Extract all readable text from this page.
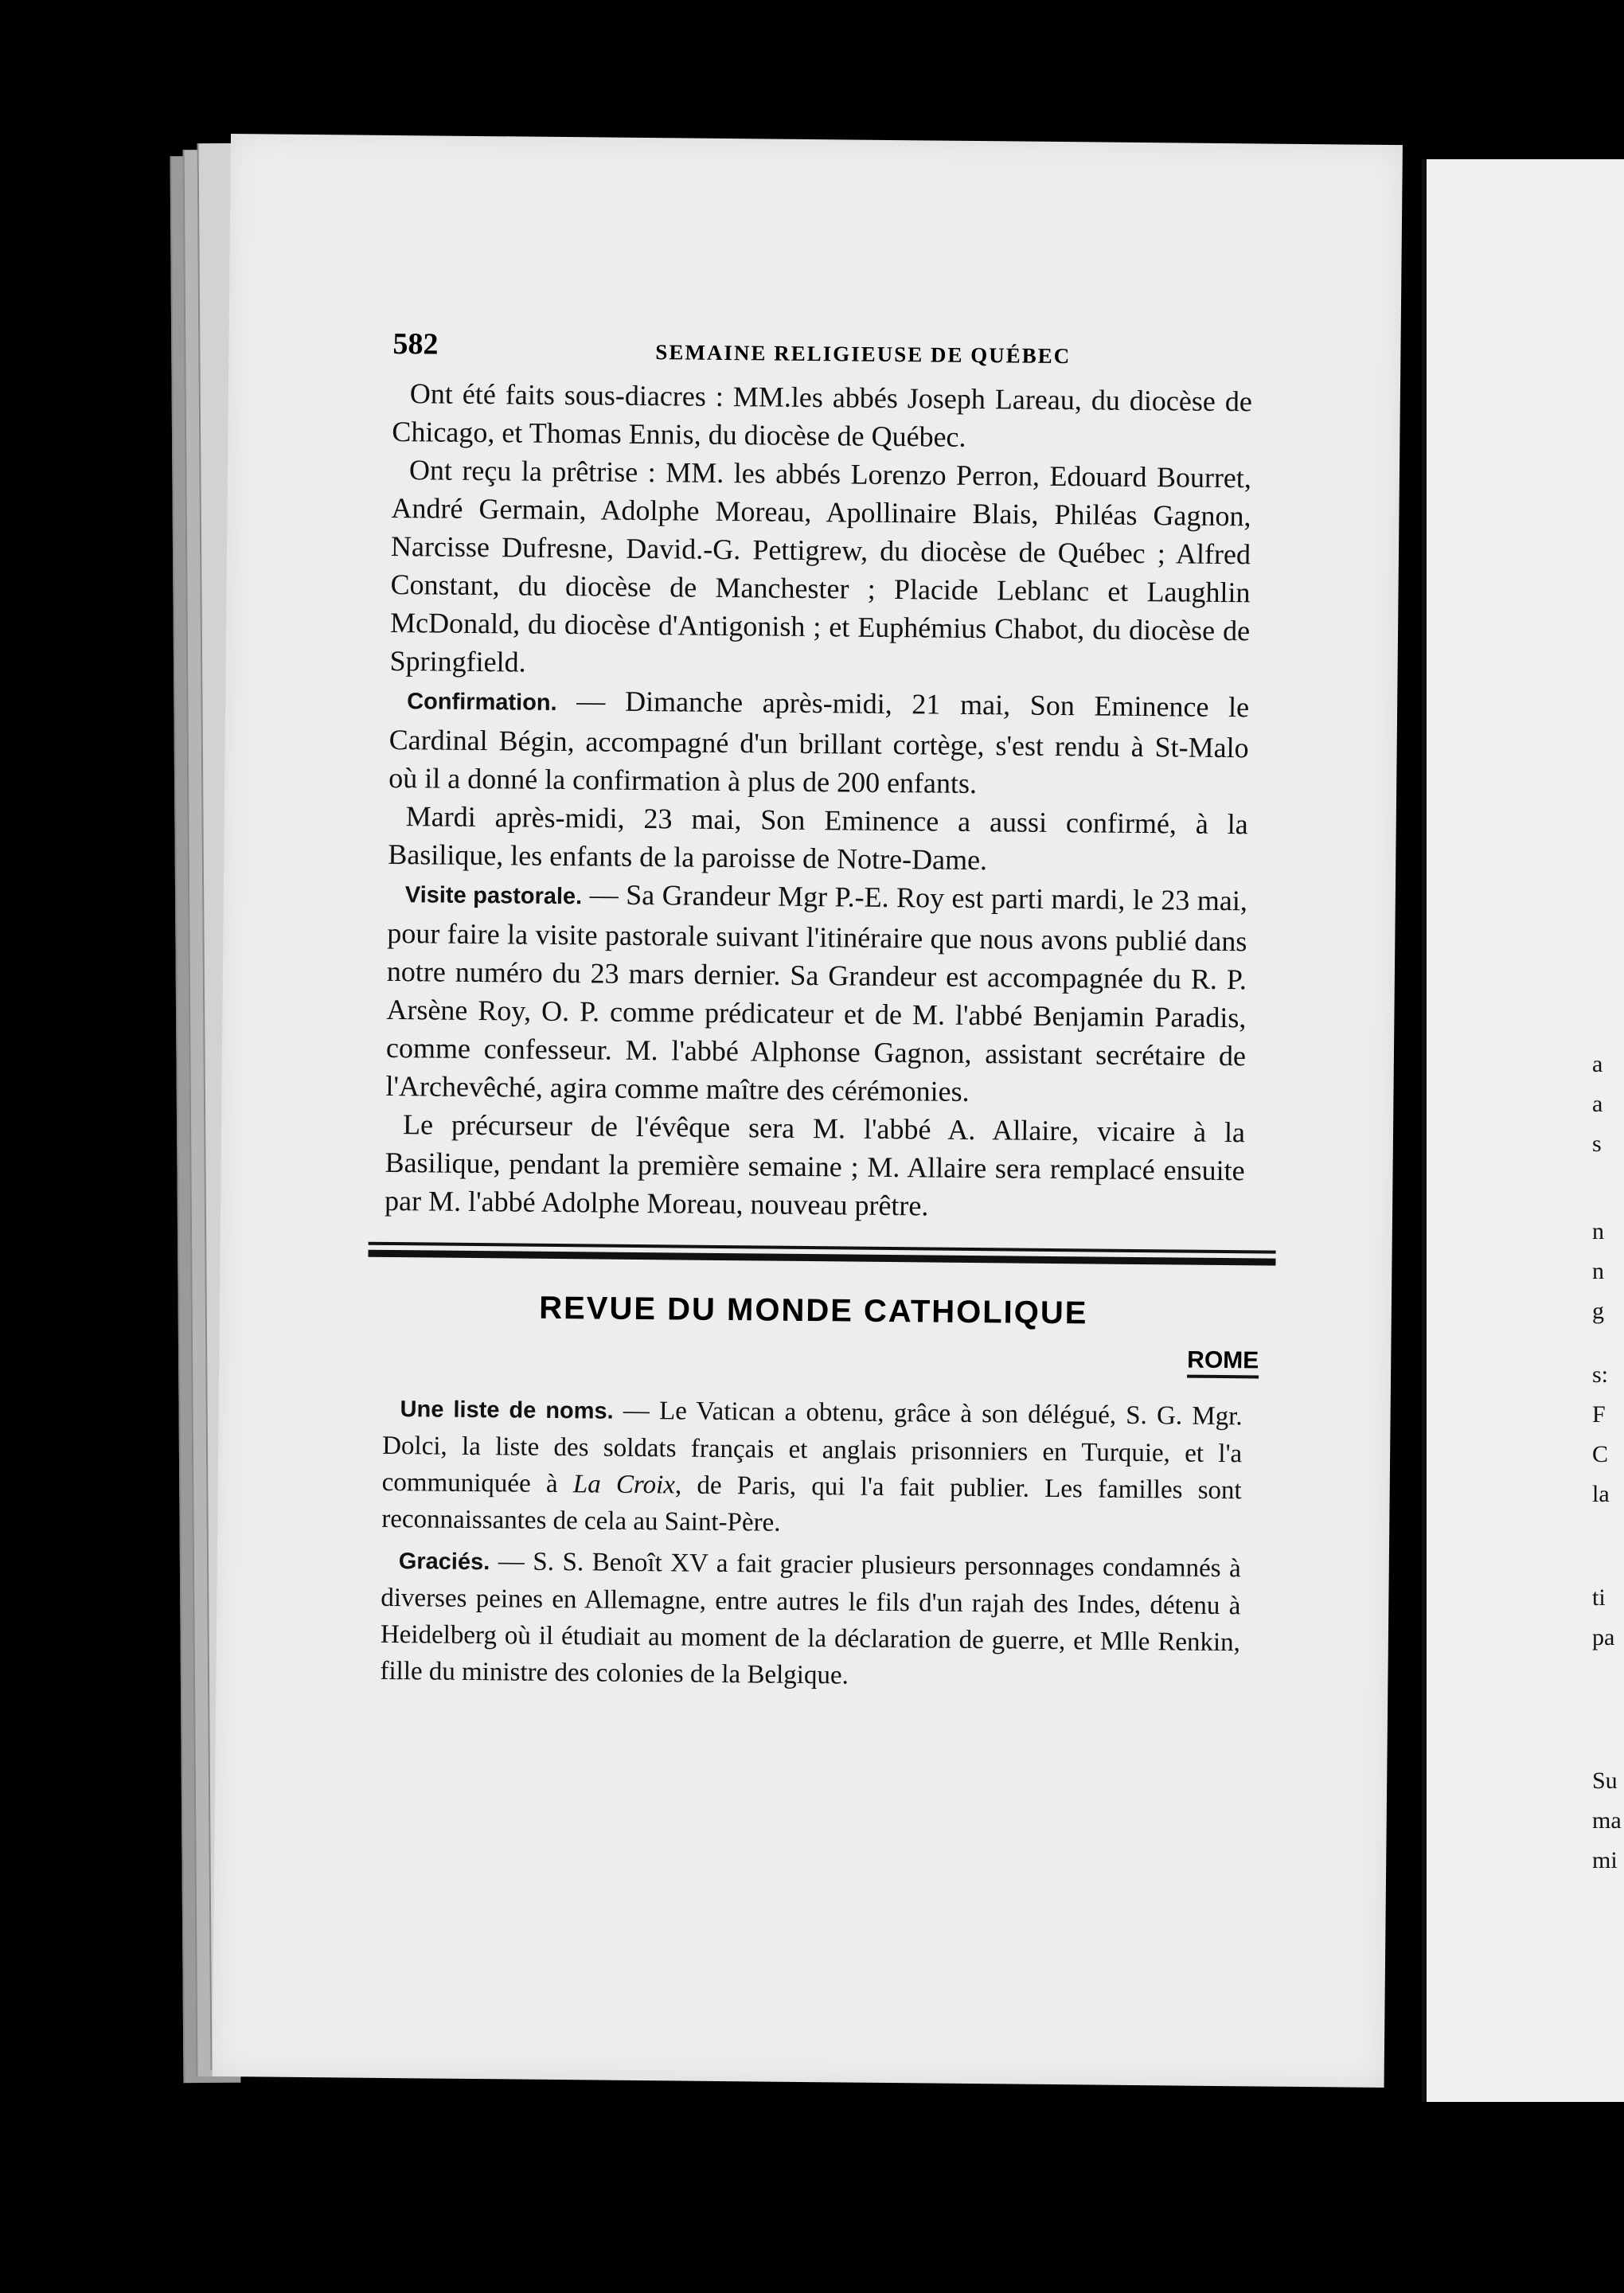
a
a
s
n
n
g
s:
F
C
la
ti
pa
Su
ma
mi
582	SEMAINE RELIGIEUSE DE QUÉBEC

Ont été faits sous-diacres : MM.les abbés Joseph Lareau, du diocèse de Chicago, et Thomas Ennis, du diocèse de Québec.

Ont reçu la prêtrise : MM. les abbés Lorenzo Perron, Edouard Bourret, André Germain, Adolphe Moreau, Apollinaire Blais, Philéas Gagnon, Narcisse Dufresne, David.-G. Pettigrew, du diocèse de Québec ; Alfred Constant, du diocèse de Manchester ; Placide Leblanc et Laughlin McDonald, du diocèse d'Antigonish ; et Euphémius Chabot, du diocèse de Springfield.

Confirmation. — Dimanche après-midi, 21 mai, Son Eminence le Cardinal Bégin, accompagné d'un brillant cortège, s'est rendu à St-Malo où il a donné la confirmation à plus de 200 enfants.

Mardi après-midi, 23 mai, Son Eminence a aussi confirmé, à la Basilique, les enfants de la paroisse de Notre-Dame.

Visite pastorale. — Sa Grandeur Mgr P.-E. Roy est parti mardi, le 23 mai, pour faire la visite pastorale suivant l'itinéraire que nous avons publié dans notre numéro du 23 mars dernier. Sa Grandeur est accompagnée du R. P. Arsène Roy, O. P. comme prédicateur et de M. l'abbé Benjamin Paradis, comme confesseur. M. l'abbé Alphonse Gagnon, assistant secrétaire de l'Archevêché, agira comme maître des cérémonies.

Le précurseur de l'évêque sera M. l'abbé A. Allaire, vicaire à la Basilique, pendant la première semaine ; M. Allaire sera remplacé ensuite par M. l'abbé Adolphe Moreau, nouveau prêtre.

REVUE DU MONDE CATHOLIQUE
ROME

Une liste de noms. — Le Vatican a obtenu, grâce à son délégué, S. G. Mgr. Dolci, la liste des soldats français et anglais prisonniers en Turquie, et l'a communiquée à La Croix, de Paris, qui l'a fait publier. Les familles sont reconnaissantes de cela au Saint-Père.

Graciés. — S. S. Benoît XV a fait gracier plusieurs personnages condamnés à diverses peines en Allemagne, entre autres le fils d'un rajah des Indes, détenu à Heidelberg où il étudiait au moment de la déclaration de guerre, et Mlle Renkin, fille du ministre des colonies de la Belgique.
